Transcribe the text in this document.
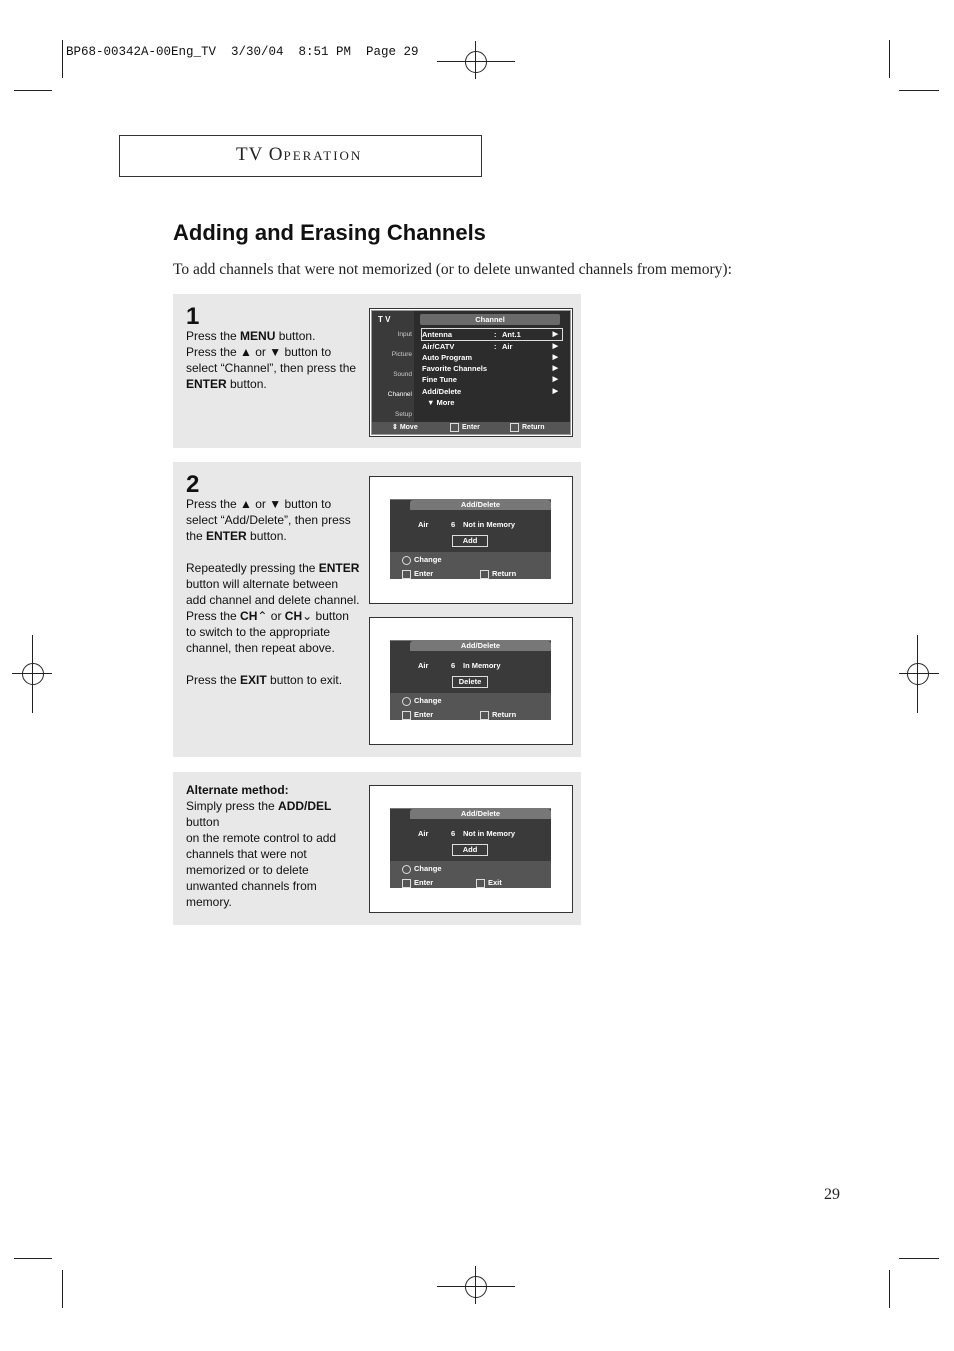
BP68-00342A-00Eng_TV  3/30/04  8:51 PM  Page 29
TV OPERATION
Adding and Erasing Channels
To add channels that were not memorized (or to delete unwanted channels from memory):
1
Press the MENU button.
Press the ▲ or ▼ button to
select “Channel”, then press the
ENTER button.
T V	Channel
Input
Picture
Sound
Channel
Setup
Antenna	: Ant.1	▶
Air/CATV	: Air	▶
Auto Program	▶
Favorite Channels	▶
Fine Tune	▶
Add/Delete	▶
▼ More
⇕ Move	Enter	Return
2
Press the ▲ or ▼ button to
select “Add/Delete”, then press
the ENTER button.
Repeatedly pressing the ENTER
button will alternate between
add channel and delete channel.
Press the CH⌃ or CH⌄ button
to switch to the appropriate
channel, then repeat above.
Press the EXIT button to exit.
Add/Delete
Air	6 Not in Memory
Add
Change
Enter	Return
Add/Delete
Air	6 In Memory
Delete
Change
Enter	Return
Alternate method:
Simply press the ADD/DEL button
on the remote control to add
channels that were not
memorized or to delete
unwanted channels from
memory.
Add/Delete
Air	6 Not in Memory
Add
Change
Enter	Exit
29
